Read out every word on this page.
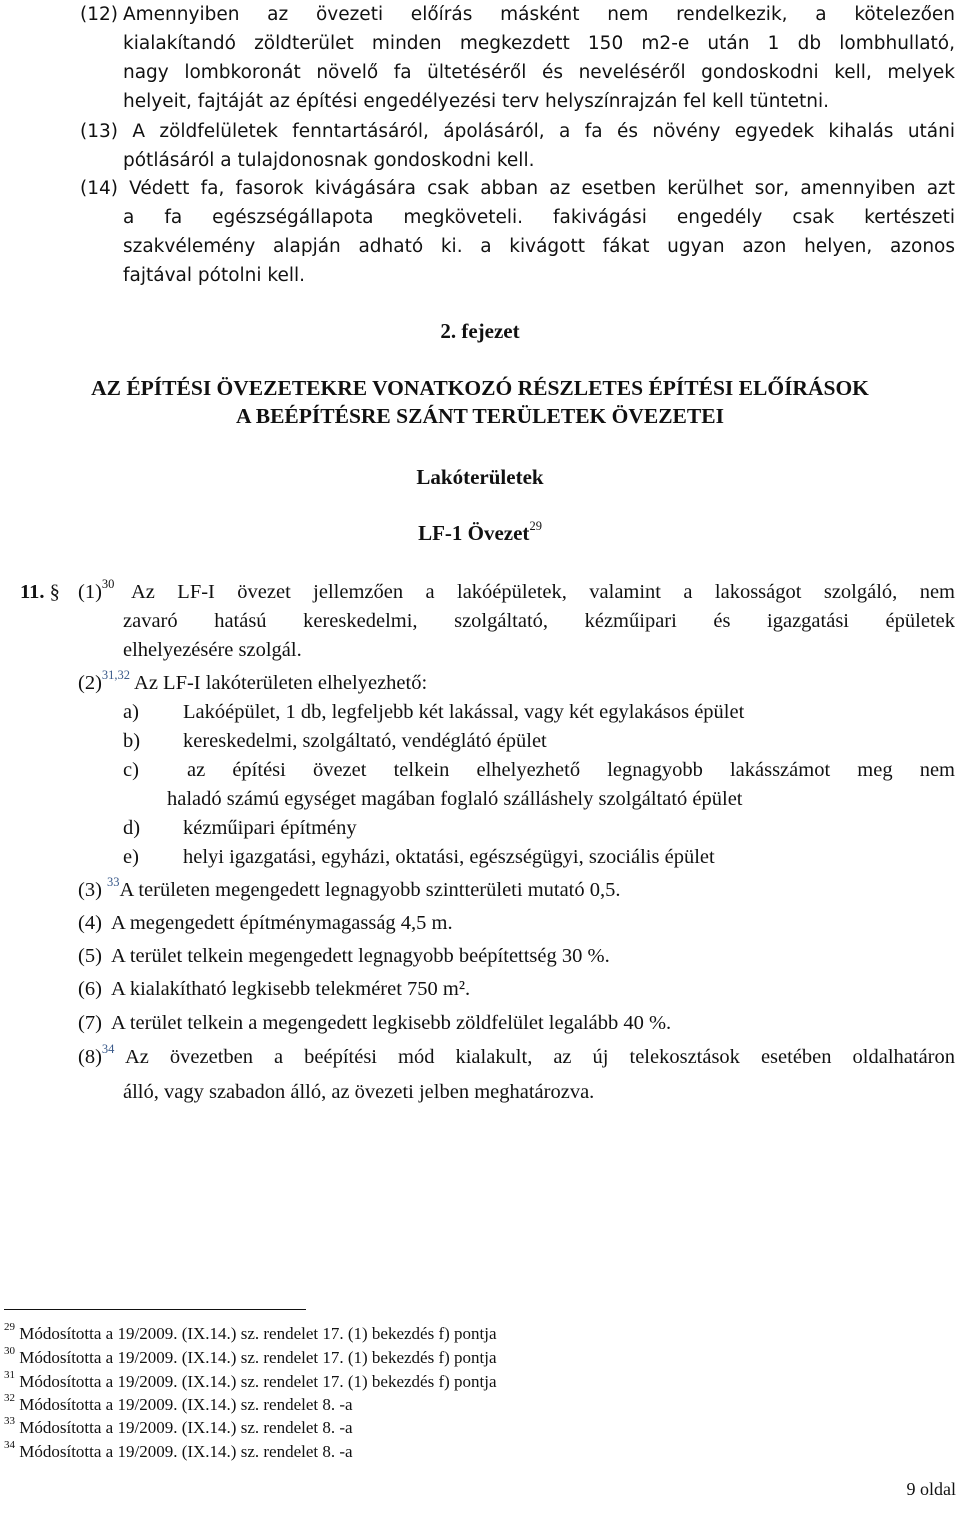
(12) Amennyiben az övezeti előírás másként nem rendelkezik, a kötelezően
kialakítandó zöldterület minden megkezdett 150 m2-e után 1 db lombhullató,
nagy lombkoronát növelő fa ültetéséről és neveléséről gondoskodni kell, melyek
helyeit, fajtáját az építési engedélyezési terv helyszínrajzán fel kell tüntetni.
(13) A zöldfelületek fenntartásáról, ápolásáról, a fa és növény egyedek kihalás utáni
pótlásáról a tulajdonosnak gondoskodni kell.
(14) Védett fa, fasorok kivágására csak abban az esetben kerülhet sor, amennyiben azt
a fa egészségállapota megköveteli. fakivágási engedély csak kertészeti
szakvélemény alapján adható ki. a kivágott fákat ugyan azon helyen, azonos
fajtával pótolni kell.
2. fejezet
AZ ÉPÍTÉSI ÖVEZETEKRE VONATKOZÓ RÉSZLETES ÉPÍTÉSI ELŐÍRÁSOK
A BEÉPÍTÉSRE SZÁNT TERÜLETEK ÖVEZETEI
Lakóterületek
LF-1 Övezet$^{29}$
11. § $(1)^{30}$ Az LF-I övezet jellemzően a lakóépületek, valamint a lakosságot szolgáló, nem
zavaró hatású kereskedelmi, szolgáltató, kézműipari és igazgatási épületek
elhelyezésére szolgál.
$(2)^{31,32}$ Az LF-I lakóterületen elhelyezhető:
a) Lakóépület, 1 db, legfeljebb két lakással, vagy két egylakásos épület
b) kereskedelmi, szolgáltató, vendéglátó épület
c) az építési övezet telkein elhelyezhető legnagyobb lakásszámot meg nem
haladó számú egységet magában foglaló szálláshely szolgáltató épület
d) kézműipari építmény
e) helyi igazgatási, egyházi, oktatási, egészségügyi, szociális épület
(3) $^{33}$A területen megengedett legnagyobb szintterületi mutató 0,5.
(4) A megengedett építménymagasság 4,5 m.
(5) A terület telkein megengedett legnagyobb beépítettség 30 %.
(6) A kialakítható legkisebb telekméret 750 m².
(7) A terület telkein a megengedett legkisebb zöldfelület legalább 40 %.
$(8)^{34}$ Az övezetben a beépítési mód kialakult, az új telekosztások esetében oldalhatáron
álló, vagy szabadon álló, az övezeti jelben meghatározva.
$^{29}$ Módosította a 19/2009. (IX.14.) sz. rendelet 17. (1) bekezdés f) pontja
$^{30}$ Módosította a 19/2009. (IX.14.) sz. rendelet 17. (1) bekezdés f) pontja
$^{31}$ Módosította a 19/2009. (IX.14.) sz. rendelet 17. (1) bekezdés f) pontja
$^{32}$ Módosította a 19/2009. (IX.14.) sz. rendelet 8. -a
$^{33}$ Módosította a 19/2009. (IX.14.) sz. rendelet 8. -a
$^{34}$ Módosította a 19/2009. (IX.14.) sz. rendelet 8. -a
9 oldal
